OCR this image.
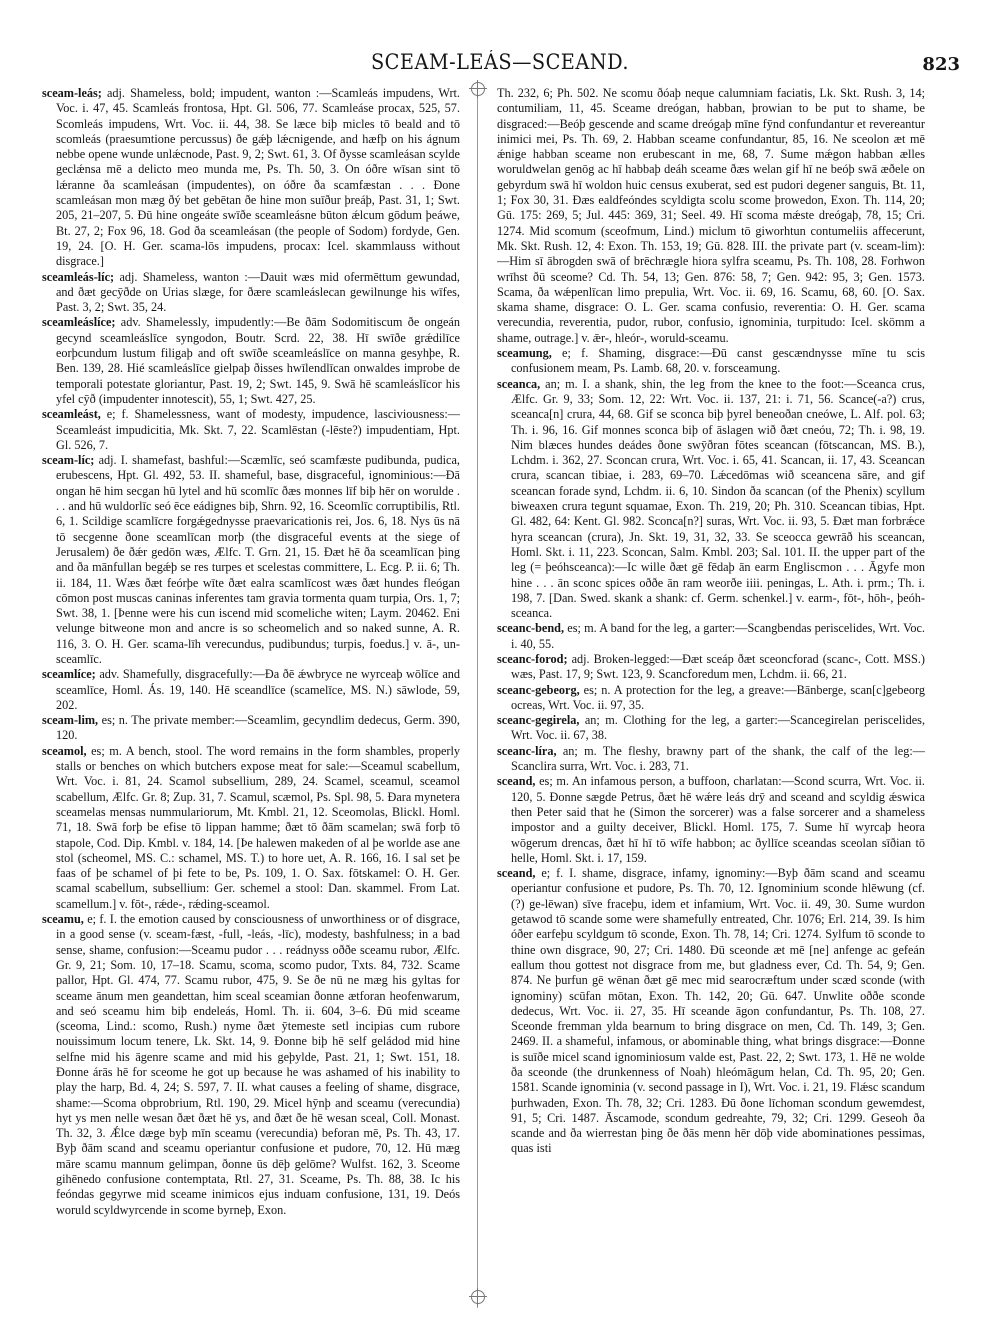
SCEAM-LEÁS—SCEAND.	823

sceam-leás; adj. Shameless, bold; impudent, wanton :—Scamleás impudens, Wrt. Voc. i. 47, 45. Scamleás frontosa, Hpt. Gl. 506, 77. Scamleáse procax, 525, 57. Scomleás impudens, Wrt. Voc. ii. 44, 38. Se læce biþ micles tō beald and tō scomleás (praesumtione percussus) ðe gǽþ lǽcnigende, and hæfþ on his ágnum nebbe opene wunde unlǽcnode, Past. 9, 2; Swt. 61, 3. Of ðysse scamleásan scylde geclǽnsa mē a delicto meo munda me, Ps. Th. 50, 3. On óðre wīsan sint tō lǽranne ða scamleásan (impudentes), on óðre ða scamfæstan . . . Ðone scamleásan mon mæg ðý bet gebētan ðe hine mon suīður þreáþ, Past. 31, 1; Swt. 205, 21–207, 5. Ðū hine ongeáte swīðe sceamleásne būton ǽlcum gōdum þeáwe, Bt. 27, 2; Fox 96, 18. God ða sceamleásan (the people of Sodom) fordyde, Gen. 19, 24. [O. H. Ger. scama-lōs impudens, procax: Icel. skammlauss without disgrace.]

sceamleás-líc; adj. Shameless, wanton :—Dauit wæs mid ofermēttum gewundad, and ðæt gecȳðde on Urias slæge, for ðære scamleáslecan gewilnunge his wīfes, Past. 3, 2; Swt. 35, 24.

sceamleáslíce; adv. Shamelessly, impudently:—Be ðām Sodomitiscum ðe ongeán gecynd sceamleáslīce syngodon, Boutr. Scrd. 22, 38. Hī swīðe grǽdilīce eorþcundum lustum filigaþ and oft swīðe sceamleáslīce on manna gesyhþe, R. Ben. 139, 28. Hié scamleáslīce gielpaþ ðisses hwīlendlīcan onwaldes improbe de temporali potestate gloriantur, Past. 19, 2; Swt. 145, 9. Swā hē scamleáslīcor his yfel cȳð (impudenter innotescit), 55, 1; Swt. 427, 25.

sceamleást, e; f. Shamelessness, want of modesty, impudence, lasciviousness:—Sceamleást impudicitia, Mk. Skt. 7, 22. Scamlēstan (-lēste?) impudentiam, Hpt. Gl. 526, 7.

sceam-líc; adj. I. shamefast, bashful:—Scæmlīc, seó scamfæste pudibunda, pudica, erubescens, Hpt. Gl. 492, 53. II. shameful, base, disgraceful, ignominious:—Ðā ongan hē him secgan hū lytel and hū scomlīc ðæs monnes līf biþ hēr on woruldе . . . and hū wuldorlīc seó ēce eádignes biþ, Shrn. 92, 16. Sceomlīc corruptibilis, Rtl. 6, 1. Scildige scamlīcre forgǽgednysse praevaricationis rei, Jos. 6, 18. Nys ūs nā tō secgenne ðone sceamlīcan morþ (the disgraceful events at the siege of Jerusalem) ðe ðǽr gedōn wæs, Ælfc. T. Grn. 21, 15. Ðæt hē ða sceamlīcan þing and ða mānfullan begǽþ se res turpes et scelestas committere, L. Ecg. P. ii. 6; Th. ii. 184, 11. Wæs ðæt feórþe wīte ðæt ealra scamlīcost wæs ðæt hundes fleógan cōmon post muscas caninas inferentes tam gravia tormenta quam turpia, Ors. 1, 7; Swt. 38, 1. [Þenne were his cun iscend mid scomeliche witen; Laym. 20462. Eni velunge bitweone mon and ancre is so scheomelich and so naked sunne, A. R. 116, 3. O. H. Ger. scama-līh verecundus, pudibundus; turpis, foedus.] v. ā-, un-sceamlīc.

sceamlíce; adv. Shamefully, disgracefully:—Ða ðē ǽwbryce ne wyrceaþ wōlīce and sceamlīce, Homl. Ás. 19, 140. Hē sceandlīce (scamelīce, MS. N.) sāwlode, 59, 202.

sceam-lim, es; n. The private member:—Sceamlim, gecyndlim dedecus, Germ. 390, 120.

sceamol, es; m. A bench, stool. The word remains in the form shambles, properly stalls or benches on which butchers expose meat for sale:—Sceamul scabellum, Wrt. Voc. i. 81, 24. Scamol subsellium, 289, 24. Scamel, sceamul, sceamol scabellum, Ælfc. Gr. 8; Zup. 31, 7. Scamul, scæmol, Ps. Spl. 98, 5. Ðara mynetera sceamelas mensas nummulariorum, Mt. Kmbl. 21, 12. Sceomolas, Blickl. Homl. 71, 18. Swā forþ be efise tō lippan hamme; ðæt tō ðām scamelan; swā forþ tō stapole, Cod. Dip. Kmbl. v. 184, 14. [Þe halewen makeden of al þe worlde ase ane stol (scheomel, MS. C.: schamel, MS. T.) to hore uet, A. R. 166, 16. I sal set þe faas of þe schamel of þi fete to be, Ps. 109, 1. O. Sax. fōtskamel: O. H. Ger. scamal scabellum, subsellium: Ger. schemel a stool: Dan. skammel. From Lat. scamellum.] v. fōt-, rǽde-, rǽding-sceamol.

sceamu, e; f. I. the emotion caused by consciousness of unworthiness or of disgrace, in a good sense (v. sceam-fæst, -full, -leás, -līc), modesty, bashfulness; in a bad sense, shame, confusion:—Sceamu pudor . . . reádnyss oððe sceamu rubor, Ælfc. Gr. 9, 21; Som. 10, 17–18. Scamu, scoma, scomo pudor, Txts. 84, 732. Scame pallor, Hpt. Gl. 474, 77. Scamu rubor, 475, 9. Se ðe nū ne mæg his gyltas for sceame ānum men geandettan, him sceal sceamian ðonne ætforan heofenwarum, and seó sceamu him biþ endeleás, Homl. Th. ii. 604, 3–6. Ðū mid sceame (sceoma, Lind.: scomo, Rush.) nyme ðæt ȳtemeste setl incipias cum rubore nouissimum locum tenere, Lk. Skt. 14, 9. Ðonne biþ hē self geládod mid hine selfne mid his āgenre scame and mid his geþylde, Past. 21, 1; Swt. 151, 18. Ðonne árās hē for sceome he got up because he was ashamed of his inability to play the harp, Bd. 4, 24; S. 597, 7. II. what causes a feeling of shame, disgrace, shame:—Scoma obprobrium, Rtl. 190, 29. Micel hȳnþ and sceamu (verecundia) hyt ys men nelle wesan ðæt ðæt hē ys, and ðæt ðe hē wesan sceal, Coll. Monast. Th. 32, 3. Ǽlce dæge byþ mīn sceamu (verecundia) beforan mē, Ps. Th. 43, 17. Byþ ðām scand and sceamu operiantur confusione et pudore, 70, 12. Hū mæg māre scamu mannum gelimpan, ðonne ūs dēþ gelōme? Wulfst. 162, 3. Sceome gihēnedo confusione contemptata, Rtl. 27, 31. Sceame, Ps. Th. 88, 38. Ic his feóndas gegyrwe mid sceame inimicos ejus induam confusione, 131, 19. Deós woruld scyldwyrcende in scome byrneþ, Exon.

Th. 232, 6; Ph. 502. Ne scomu ðóaþ neque calumniam faciatis, Lk. Skt. Rush. 3, 14; contumiliam, 11, 45. Sceame dreógan, habban, þrowian to be put to shame, be disgraced:—Beóþ gescende and scame dreógaþ mīne fȳnd confundantur et revereantur inimici mei, Ps. Th. 69, 2. Habban sceame confundantur, 85, 16. Ne sceolon æt mē ǽnige habban sceame non erubescant in me, 68, 7. Sume mǽgon habban ælles woruldwelan genōg ac hī habbaþ deáh sceame ðæs welan gif hī ne beóþ swā æðele on gebyrdum swā hī woldon huic census exuberat, sed est pudori degener sanguis, Bt. 11, 1; Fox 30, 31. Ðæs ealdfeóndes scyldigta scolu scome þrowedon, Exon. Th. 114, 20; Gū. 175: 269, 5; Jul. 445: 369, 31; Seel. 49. Hī scoma mǽste dreógaþ, 78, 15; Cri. 1274. Mid scomum (sceofmum, Lind.) miclum tō giworhtun contumeliis affecerunt, Mk. Skt. Rush. 12, 4: Exon. Th. 153, 19; Gū. 828. III. the private part (v. sceam-lim):—Him sī ābrogden swā of brēchrægle hiora sylfra sceamu, Ps. Th. 108, 28. Forhwon wrīhst ðū sceome? Cd. Th. 54, 13; Gen. 876: 58, 7; Gen. 942: 95, 3; Gen. 1573. Scama, ða wǽpenlīcan limo prepulia, Wrt. Voc. ii. 69, 16. Scamu, 68, 60. [O. Sax. skama shame, disgrace: O. L. Ger. scama confusio, reverentia: O. H. Ger. scama verecundia, reverentia, pudor, rubor, confusio, ignominia, turpitudo: Icel. skömm a shame, outrage.] v. ǣr-, hleór-, woruld-sceamu.

sceamung, e; f. Shaming, disgrace:—Ðū canst gescændnysse mīne tu scis confusionem meam, Ps. Lamb. 68, 20. v. forsceamung.

sceanca, an; m. I. a shank, shin, the leg from the knee to the foot:—Sceanca crus, Ælfc. Gr. 9, 33; Som. 12, 22: Wrt. Voc. ii. 137, 21: i. 71, 56. Scancе(-a?) crus, sceanca[n] crura, 44, 68. Gif se sconca biþ þyrel beneoðan cneówe, L. Alf. pol. 63; Th. i. 96, 16. Gif monnes sconca biþ of āslagen wið ðæt cneóu, 72; Th. i. 98, 19. Nim blæces hundes deádes ðone swȳðran fōtes sceancan (fōtscancan, MS. B.), Lchdm. i. 362, 27. Sconcan crura, Wrt. Voc. i. 65, 41. Scancan, ii. 17, 43. Sceancan crura, scancan tibiae, i. 283, 69–70. Lǽcedōmas wið sceancena sāre, and gif sceancan forade synd, Lchdm. ii. 6, 10. Sindon ða scancan (of the Phenix) scyllum biweaxen crura tegunt squamae, Exon. Th. 219, 20; Ph. 310. Sceancan tibias, Hpt. Gl. 482, 64: Kent. Gl. 982. Sconca[n?] suras, Wrt. Voc. ii. 93, 5. Ðæt man forbrǽce hyra sceancan (crura), Jn. Skt. 19, 31, 32, 33. Se sceocca gewrāð his sceancan, Homl. Skt. i. 11, 223. Sconcan, Salm. Kmbl. 203; Sal. 101. II. the upper part of the leg (= þeóhsceanca):—Ic wille ðæt gē fēdaþ ān earm Engliscmon . . . Āgyfe mon hine . . . ān sconc spices oððe ān ram weorðe iiii. peningas, L. Ath. i. prm.; Th. i. 198, 7. [Dan. Swed. skank a shank: cf. Germ. schenkel.] v. earm-, fōt-, hōh-, þeóh-sceanca.

sceanc-bend, es; m. A band for the leg, a garter:—Scangbendas periscelides, Wrt. Voc. i. 40, 55.

sceanc-forod; adj. Broken-legged:—Ðæt sceáp ðæt sceoncforad (scanc-, Cott. MSS.) wæs, Past. 17, 9; Swt. 123, 9. Scancforedum men, Lchdm. ii. 66, 21.

sceanc-gebeorg, es; n. A protection for the leg, a greave:—Bānberge, scan[c]gebeorg ocreas, Wrt. Voc. ii. 97, 35.

sceanc-gegirela, an; m. Clothing for the leg, a garter:—Scancegirelan periscelides, Wrt. Voc. ii. 67, 38.

sceanc-líra, an; m. The fleshy, brawny part of the shank, the calf of the leg:—Scanclira surra, Wrt. Voc. i. 283, 71.

sceand, es; m. An infamous person, a buffoon, charlatan:—Scond scurra, Wrt. Voc. ii. 120, 5. Ðonne sægde Petrus, ðæt hē wǽre leás drȳ and sceand and scyldig ǽswica then Peter said that he (Simon the sorcerer) was a false sorcerer and a shameless impostor and a guilty deceiver, Blickl. Homl. 175, 7. Sume hī wyrcaþ heora wōgerum drencas, ðæt hī hī tō wīfe habbon; ac ðyllīce sceandas sceolan sīðian tō helle, Homl. Skt. i. 17, 159.

sceand, e; f. I. shame, disgrace, infamy, ignominy:—Byþ ðām scand and sceamu operiantur confusione et pudore, Ps. Th. 70, 12. Ignominium sconde hlēwung (cf. (?) ge-lēwan) sīve fraceþu, idem et infamium, Wrt. Voc. ii. 49, 30. Sume wurdon getawod tō scande some were shamefully entreated, Chr. 1076; Erl. 214, 39. Is him óðer earfeþu scyldgum tō sconde, Exon. Th. 78, 14; Cri. 1274. Sylfum tō sconde to thine own disgrace, 90, 27; Cri. 1480. Ðū sceonde æt mē [ne] anfenge ac gefeán eallum thou gottest not disgrace from me, but gladness ever, Cd. Th. 54, 9; Gen. 874. Ne þurfun gē wēnan ðæt gē mec mid searocræftum under scæd sconde (with ignominy) scūfan mōtan, Exon. Th. 142, 20; Gū. 647. Unwlite oððe sconde dedecus, Wrt. Voc. ii. 27, 35. Hī sceande āgon confundantur, Ps. Th. 108, 27. Sceonde fremman ylda bearnum to bring disgrace on men, Cd. Th. 149, 3; Gen. 2469. II. a shameful, infamous, or abominable thing, what brings disgrace:—Ðonne is suīðe micel scand ignominiosum valde est, Past. 22, 2; Swt. 173, 1. Hē ne wolde ða sceonde (the drunkenness of Noah) hleómāgum helan, Cd. Th. 95, 20; Gen. 1581. Scande ignominia (v. second passage in I), Wrt. Voc. i. 21, 19. Flǽsc scandum þurhwaden, Exon. Th. 78, 32; Cri. 1283. Ðū ðone līchoman scondum gewemdest, 91, 5; Cri. 1487. Āscamode, scondum gedreahte, 79, 32; Cri. 1299. Geseoh ða scande and ða wierrestan þing ðe ðās menn hēr dōþ vide abominationes pessimas, quas isti
